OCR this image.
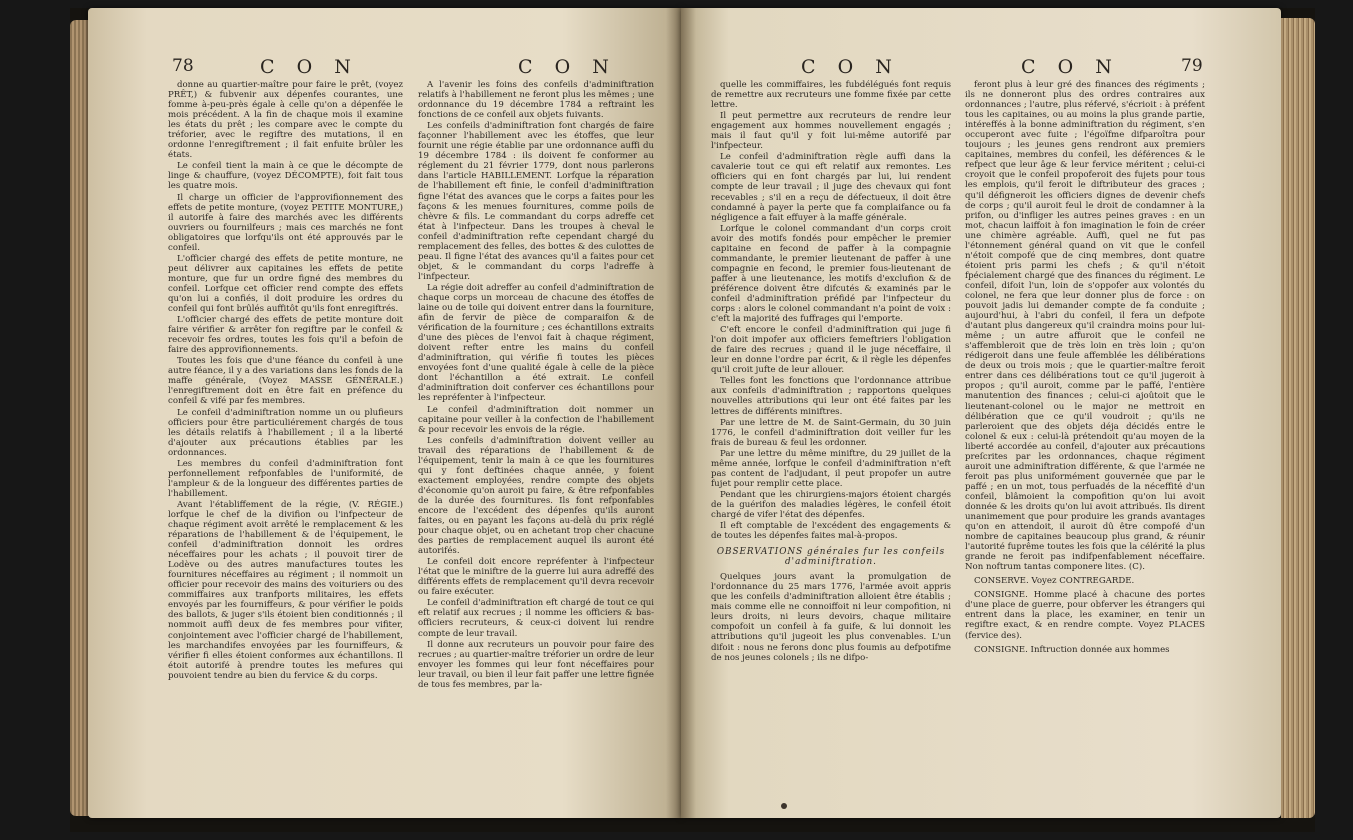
78	C O N	C O N

donne au quartier-maître pour faire le prêt, (voyez PRÊT,) & fubvenir aux dépenfes courantes, une fomme à-peu-près égale à celle qu'on a dépenfée le mois précédent. A la fin de chaque mois il examine les états du prêt ; les compare avec le compte du tréforier, avec le regiftre des mutations, il en ordonne l'enregiftrement ; il fait enfuite brûler les états.

Le confeil tient la main à ce que le décompte de linge & chauffure, (voyez DÉCOMPTE), foit fait tous les quatre mois.

Il charge un officier de l'approvifionnement des effets de petite monture, (voyez PETITE MONTURE,) il autorife à faire des marchés avec les différents ouvriers ou fournilfeurs ; mais ces marchés ne font obligatoires que lorfqu'ils ont été approuvés par le confeil.

L'officier chargé des effets de petite monture, ne peut délivrer aux capitaines les effets de petite monture, que fur un ordre figné des membres du confeil. Lorfque cet officier rend compte des effets qu'on lui a confiés, il doit produire les ordres du confeil qui font brûlés auffitôt qu'ils font enregiftrés.

L'officier chargé des effets de petite monture doit faire vérifier & arrêter fon regiftre par le confeil & recevoir fes ordres, toutes les fois qu'il a befoin de faire des approvifionnements.

Toutes les fois que d'une féance du confeil à une autre féance, il y a des variations dans les fonds de la maffe générale, (Voyez MASSE GÉNÉRALE.) l'enregiftrement doit en être fait en préfence du confeil & vifé par fes membres.

Le confeil d'adminiftration nomme un ou plufieurs officiers pour être particuliérement chargés de tous les détails relatifs à l'habillement ; il a la liberté d'ajouter aux précautions établies par les ordonnances.

Les membres du confeil d'adminiftration font perfonnellement refponfables de l'uniformité, de l'ampleur & de la longueur des différentes parties de l'habillement.

Avant l'établiffement de la régie, (V. RÉGIE.) lorfque le chef de la divifion ou l'infpecteur de chaque régiment avoit arrêté le remplacement & les réparations de l'habillement & de l'équipement, le confeil d'adminiftration donnoit les ordres néceffaires pour les achats ; il pouvoit tirer de Lodève ou des autres manufactures toutes les fournitures néceffaires au régiment ; il nommoit un officier pour recevoir des mains des voituriers ou des commiffaires aux tranfports militaires, les effets envoyés par les fourniffeurs, & pour vérifier le poids des ballots, & juger s'ils étoient bien conditionnés ; il nommoit auffi deux de fes membres pour vifiter, conjointement avec l'officier chargé de l'habillement, les marchandifes envoyées par les fourniffeurs, & vérifier fi elles étoient conformes aux échantillons. Il étoit autorifé à prendre toutes les mefures qui pouvoient tendre au bien du fervice & du corps.

A l'avenir les foins des confeils d'adminiftration relatifs à l'habillement ne feront plus les mêmes ; une ordonnance du 19 décembre 1784 a reftraint les fonctions de ce confeil aux objets fuivants.

Les confeils d'adminiftration font chargés de faire façonner l'habillement avec les étoffes, que leur fournit une régie établie par une ordonnance auffi du 19 décembre 1784 : ils doivent fe conformer au réglement du 21 février 1779, dont nous parlerons dans l'article HABILLEMENT. Lorfque la réparation de l'habillement eft finie, le confeil d'adminiftration figne l'état des avances que le corps a faites pour les façons & les menues fournitures, comme poils de chèvre & fils. Le commandant du corps adreffe cet état à l'infpecteur. Dans les troupes à cheval le confeil d'adminiftration refte cependant chargé du remplacement des felles, des bottes & des culottes de peau. Il figne l'état des avances qu'il a faites pour cet objet, & le commandant du corps l'adreffe à l'infpecteur.

La régie doit adreffer au confeil d'adminiftration de chaque corps un morceau de chacune des étoffes de laine ou de toile qui doivent entrer dans la fourniture, afin de fervir de pièce de comparaifon & de vérification de la fourniture ; ces échantillons extraits d'une des pièces de l'envoi fait à chaque régiment, doivent refter entre les mains du confeil d'adminiftration, qui vérifie fi toutes les pièces envoyées font d'une qualité égale à celle de la pièce dont l'échantillon a été extrait. Le confeil d'adminiftration doit conferver ces échantillons pour les repréfenter à l'infpecteur.

Le confeil d'adminiftration doit nommer un capitaine pour veiller à la confection de l'habillement & pour recevoir les envois de la régie.

Les confeils d'adminiftration doivent veiller au travail des réparations de l'habillement & de l'équipement, tenir la main à ce que les fournitures qui y font deftinées chaque année, y foient exactement employées, rendre compte des objets d'économie qu'on auroit pu faire, & être refponfables de la durée des fournitures. Ils font refponfables encore de l'excédent des dépenfes qu'ils auront faites, ou en payant les façons au-delà du prix réglé pour chaque objet, ou en achetant trop cher chacune des parties de remplacement auquel ils auront été autorifés.

Le confeil doit encore repréfenter à l'infpecteur l'état que le miniftre de la guerre lui aura adreffé des différents effets de remplacement qu'il devra recevoir ou faire exécuter.

Le confeil d'adminiftration eft chargé de tout ce qui eft relatif aux recrues ; il nomme les officiers & bas-officiers recruteurs, & ceux-ci doivent lui rendre compte de leur travail.

Il donne aux recruteurs un pouvoir pour faire des recrues ; au quartier-maître tréforier un ordre de leur envoyer les fommes qui leur font néceffaires pour leur travail, ou bien il leur fait paffer une lettre fignée de tous fes membres, par la-

C O N	C O N	79

quelle les commiffaires, les fubdélégués font requis de remettre aux recruteurs une fomme fixée par cette lettre.

Il peut permettre aux recruteurs de rendre leur engagement aux hommes nouvellement engagés ; mais il faut qu'il y foit lui-même autorifé par l'infpecteur.

Le confeil d'adminiftration règle auffi dans la cavalerie tout ce qui eft relatif aux remontes. Les officiers qui en font chargés par lui, lui rendent compte de leur travail ; il juge des chevaux qui font recevables ; s'il en a reçu de défectueux, il doit être condamné à payer la perte que fa complaifance ou fa négligence a fait effuyer à la maffe générale.

Lorfque le colonel commandant d'un corps croit avoir des motifs fondés pour empêcher le premier capitaine en fecond de paffer à la compagnie commandante, le premier lieutenant de paffer à une compagnie en fecond, le premier fous-lieutenant de paffer à une lieutenance, les motifs d'exclufion & de préférence doivent être difcutés & examinés par le confeil d'adminiftration préfidé par l'infpecteur du corps : alors le colonel commandant n'a point de voix : c'eft la majorité des fuffrages qui l'emporte.

C'eft encore le confeil d'adminiftration qui juge fi l'on doit impofer aux officiers femeftriers l'obligation de faire des recrues ; quand il le juge néceffaire, il leur en donne l'ordre par écrit, & il règle les dépenfes qu'il croit jufte de leur allouer.

Telles font les fonctions que l'ordonnance attribue aux confeils d'adminiftration ; rapportons quelques nouvelles attributions qui leur ont été faites par les lettres de différents miniftres.

Par une lettre de M. de Saint-Germain, du 30 juin 1776, le confeil d'adminiftration doit veiller fur les frais de bureau & feul les ordonner.

Par une lettre du même miniftre, du 29 juillet de la même année, lorfque le confeil d'adminiftration n'eft pas content de l'adjudant, il peut propofer un autre fujet pour remplir cette place.

Pendant que les chirurgiens-majors étoient chargés de la guérifon des maladies légères, le confeil étoit chargé de vifer l'état des dépenfes.

Il eft comptable de l'excédent des engagements & de toutes les dépenfes faites mal-à-propos.

OBSERVATIONS générales fur les confeils d'adminiftration.

Quelques jours avant la promulgation de l'ordonnance du 25 mars 1776, l'armée avoit appris que les confeils d'adminiftration alloient être établis ; mais comme elle ne connoiffoit ni leur compofition, ni leurs droits, ni leurs devoirs, chaque militaire compofoit un confeil à fa guife, & lui donnoit les attributions qu'il jugeoit les plus convenables. L'un difoit : nous ne ferons donc plus foumis au defpotifme de nos jeunes colonels ; ils ne difpo-

feront plus à leur gré des finances des régiments ; ils ne donneront plus des ordres contraires aux ordonnances ; l'autre, plus réfervé, s'écrioit : à préfent tous les capitaines, ou au moins la plus grande partie, intéreffés à la bonne adminiftration du régiment, s'en occuperont avec fuite ; l'égoïfme difparoîtra pour toujours ; les jeunes gens rendront aux premiers capitaines, membres du confeil, les déférences & le refpect que leur âge & leur fervice méritent ; celui-ci croyoit que le confeil propoferoit des fujets pour tous les emplois, qu'il feroit le diftributeur des graces ; qu'il défigneroit les officiers dignes de devenir chefs de corps ; qu'il auroit feul le droit de condamner à la prifon, ou d'infliger les autres peines graves : en un mot, chacun laiffoit à fon imagination le foin de créer une chimère agréable. Auffi, quel ne fut pas l'étonnement général quand on vit que le confeil n'étoit compofé que de cinq membres, dont quatre étoient pris parmi les chefs ; & qu'il n'étoit fpécialement chargé que des finances du régiment. Le confeil, difoit l'un, loin de s'oppofer aux volontés du colonel, ne fera que leur donner plus de force : on pouvoit jadis lui demander compte de fa conduite ; aujourd'hui, à l'abri du confeil, il fera un defpote d'autant plus dangereux qu'il craindra moins pour lui-même ; un autre affuroit que le confeil ne s'affembleroit que de très loin en très loin ; qu'on rédigeroit dans une feule affemblée les délibérations de deux ou trois mois ; que le quartier-maître feroit entrer dans ces délibérations tout ce qu'il jugeroit à propos ; qu'il auroit, comme par le paffé, l'entière manutention des finances ; celui-ci ajoûtoit que le lieutenant-colonel ou le major ne mettroit en délibération que ce qu'il voudroit ; qu'ils ne parleroient que des objets déja décidés entre le colonel & eux : celui-là prétendoit qu'au moyen de la liberté accordée au confeil, d'ajouter aux précautions preſcrites par les ordonnances, chaque régiment auroit une adminiftration différente, & que l'armée ne feroit pas plus uniformément gouvernée que par le paffé ; en un mot, tous perfuadés de la néceffité d'un confeil, blâmoient la compofition qu'on lui avoit donnée & les droits qu'on lui avoit attribués. Ils dirent unanimement que pour produire les grands avantages qu'on en attendoit, il auroit dû être compofé d'un nombre de capitaines beaucoup plus grand, & réunir l'autorité fuprême toutes les fois que la célérité la plus grande ne feroit pas indifpenfablement néceffaire. Non noftrum tantas componere lites. (C).

CONSERVE. Voyez CONTREGARDE.

CONSIGNE. Homme placé à chacune des portes d'une place de guerre, pour obferver les étrangers qui entrent dans la place, les examiner, en tenir un regiftre exact, & en rendre compte. Voyez PLACES (fervice des).

CONSIGNE. Inftruction donnée aux hommes
